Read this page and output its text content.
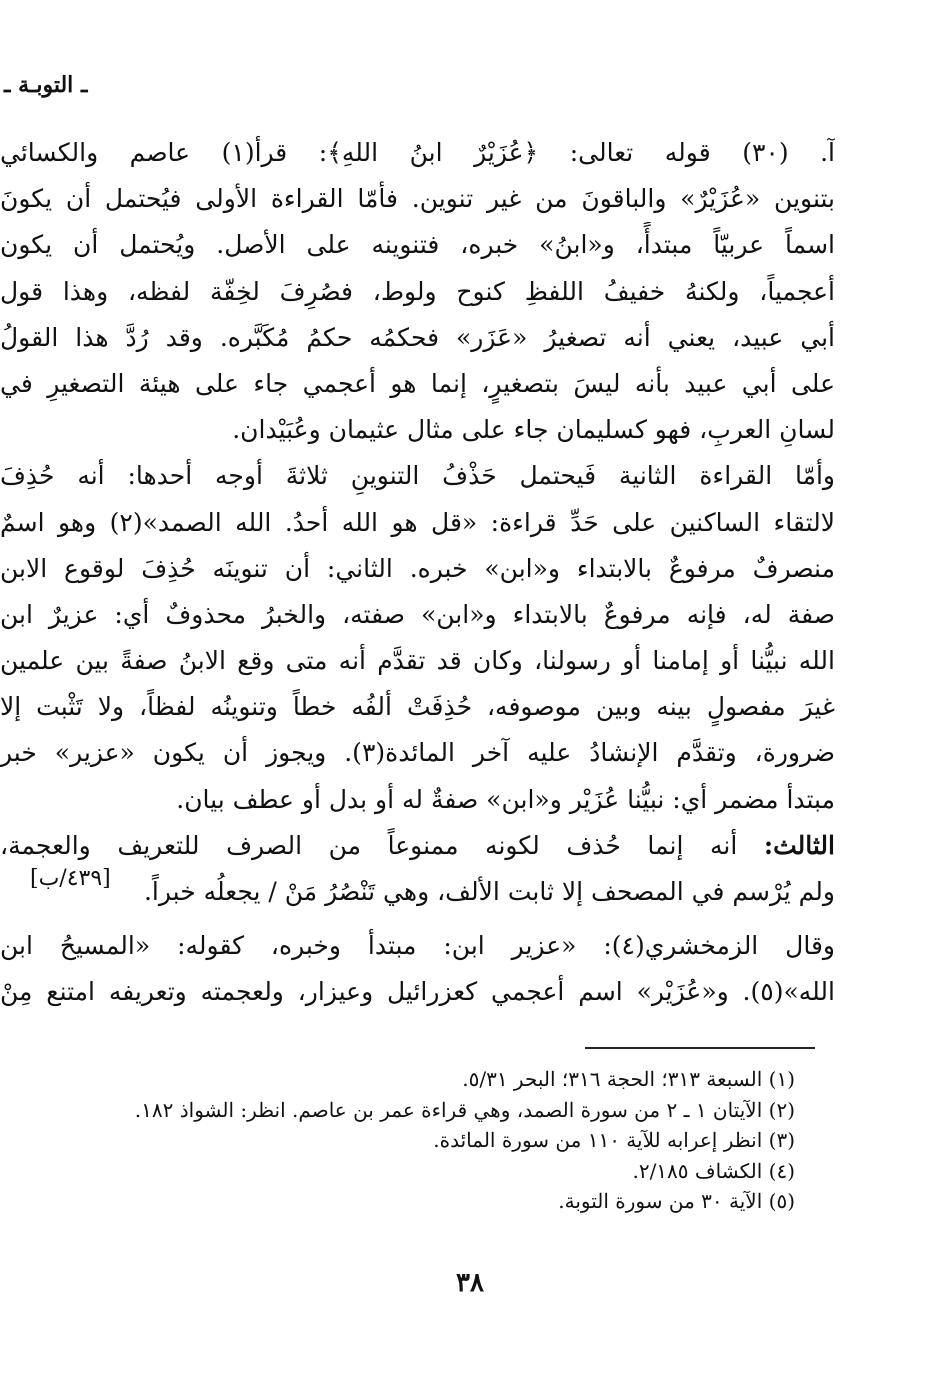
ـ التوبـة ـ
آ. (٣٠) قوله تعالى: ﴿عُزَيْرٌ ابنُ اللهِ﴾: قرأ(١) عاصم والكسائي
بتنوين «عُزَيْرٌ» والباقونَ من غير تنوين. فأمّا القراءة الأولى فيُحتمل أن يكونَ
اسماً عربيّاً مبتدأً، و«ابنُ» خبره، فتنوينه على الأصل. ويُحتمل أن يكون
أعجمياً، ولكنهُ خفيفُ اللفظِ كنوح ولوط، فصُرِفَ لخِفّة لفظه، وهذا قول
أبي عبيد، يعني أنه تصغيرُ «عَزَر» فحكمُه حكمُ مُكَبَّره. وقد رُدَّ هذا القولُ
على أبي عبيد بأنه ليسَ بتصغيرٍ، إنما هو أعجمي جاء على هيئة التصغيرِ في
لسانِ العربِ، فهو كسليمان جاء على مثال عثيمان وعُبَيْدان.
وأمّا القراءة الثانية فَيحتمل حَذْفُ التنوينِ ثلاثةَ أوجه أحدها: أنه حُذِفَ
لالتقاء الساكنين على حَدِّ قراءة: «قل هو الله أحدُ. الله الصمد»(٢) وهو اسمٌ
منصرفٌ مرفوعٌ بالابتداء و«ابن» خبره. الثاني: أن تنوينَه حُذِفَ لوقوع الابن
صفة له، فإنه مرفوعٌ بالابتداء و«ابن» صفته، والخبرُ محذوفٌ أي: عزيرٌ ابن
الله نبيُّنا أو إمامنا أو رسولنا، وكان قد تقدَّم أنه متى وقع الابنُ صفةً بين علمين
غيرَ مفصولٍ بينه وبين موصوفه، حُذِفَتْ ألفُه خطاً وتنوينُه لفظاً، ولا تَثْبت إلا
ضرورة، وتقدَّم الإنشادُ عليه آخر المائدة(٣). ويجوز أن يكون «عزير» خبر
مبتدأ مضمر أي: نبيُّنا عُزَيْر و«ابن» صفةٌ له أو بدل أو عطف بيان.
الثالث: أنه إنما حُذف لكونه ممنوعاً من الصرف للتعريف والعجمة،
ولم يُرْسم في المصحف إلا ثابت الألف، وهي تَنْصُرُ مَنْ / يجعلُه خبراً.
وقال الزمخشري(٤): «عزير ابن: مبتدأ وخبره، كقوله: «المسيحُ ابن
الله»(٥). و«عُزَيْر» اسم أعجمي كعزرائيل وعيزار، ولعجمته وتعريفه امتنع مِنْ
[٤٣٩/ب]
(١) السبعة ٣١٣؛ الحجة ٣١٦؛ البحر ٥/٣١.
(٢) الآيتان ١ ـ ٢ من سورة الصمد، وهي قراءة عمر بن عاصم. انظر: الشواذ ١٨٢.
(٣) انظر إعرابه للآية ١١٠ من سورة المائدة.
(٤) الكشاف ٢/١٨٥.
(٥) الآية ٣٠ من سورة التوبة.
٣٨
